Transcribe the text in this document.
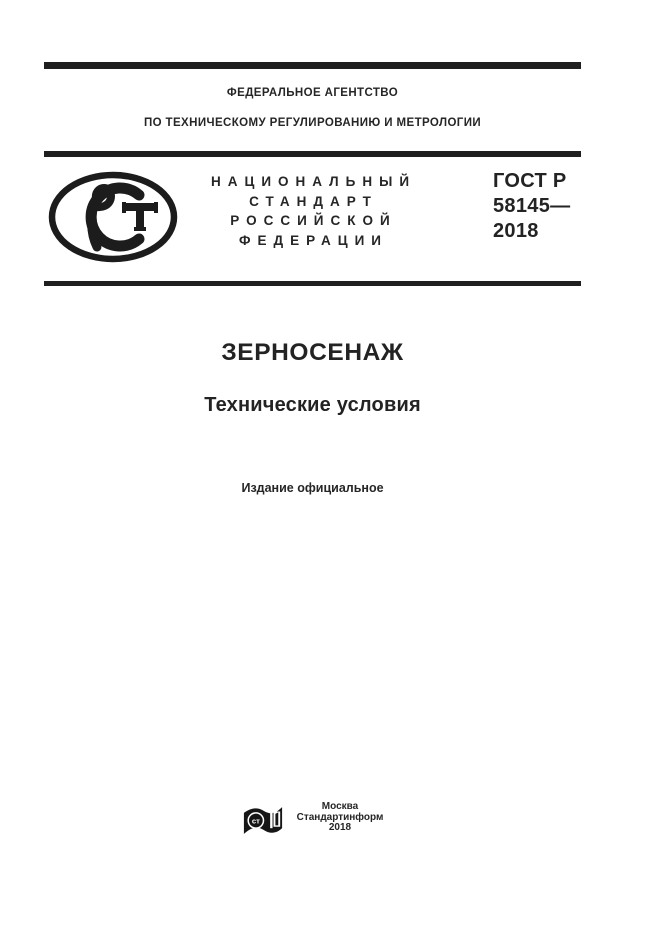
ФЕДЕРАЛЬНОЕ АГЕНТСТВО
ПО ТЕХНИЧЕСКОМУ РЕГУЛИРОВАНИЮ И МЕТРОЛОГИИ
НАЦИОНАЛЬНЫЙ
СТАНДАРТ
РОССИЙСКОЙ
ФЕДЕРАЦИИ
ГОСТ Р
58145—
2018
ЗЕРНОСЕНАЖ
Технические условия
Издание официальное
ст
Москва
Стандартинформ
2018
